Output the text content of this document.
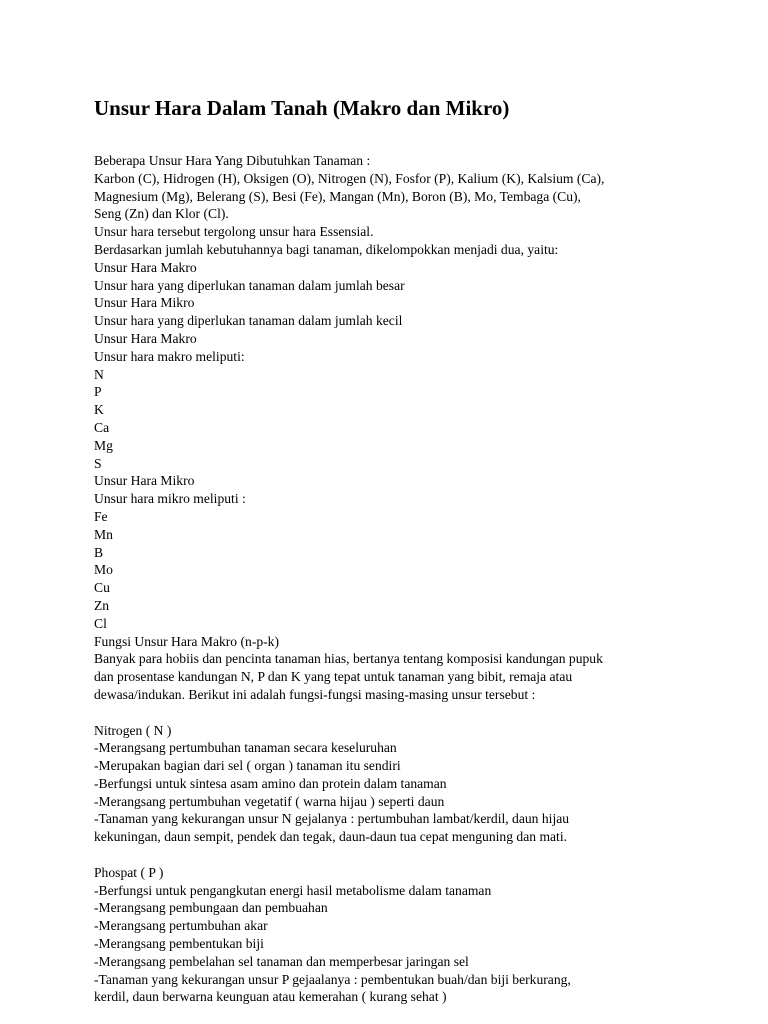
Unsur Hara Dalam Tanah (Makro dan Mikro)
Beberapa Unsur Hara Yang Dibutuhkan Tanaman :
Karbon (C), Hidrogen (H), Oksigen (O), Nitrogen (N), Fosfor (P), Kalium (K), Kalsium (Ca),
Magnesium (Mg), Belerang (S), Besi (Fe), Mangan (Mn), Boron (B), Mo, Tembaga (Cu),
Seng (Zn) dan Klor (Cl).
Unsur hara tersebut tergolong unsur hara Essensial.
Berdasarkan jumlah kebutuhannya bagi tanaman, dikelompokkan menjadi dua, yaitu:
Unsur Hara Makro
Unsur hara yang diperlukan tanaman dalam jumlah besar
Unsur Hara Mikro
Unsur hara yang diperlukan tanaman dalam jumlah kecil
Unsur Hara Makro
Unsur hara makro meliputi:
N
P
K
Ca
Mg
S
Unsur Hara Mikro
Unsur hara mikro meliputi :
Fe
Mn
B
Mo
Cu
Zn
Cl
Fungsi Unsur Hara Makro (n-p-k)
Banyak para hobiis dan pencinta tanaman hias, bertanya tentang komposisi kandungan pupuk
dan prosentase kandungan N, P dan K yang tepat untuk tanaman yang bibit, remaja atau
dewasa/indukan. Berikut ini adalah fungsi-fungsi masing-masing unsur tersebut :
Nitrogen ( N )
-Merangsang pertumbuhan tanaman secara keseluruhan
-Merupakan bagian dari sel ( organ ) tanaman itu sendiri
-Berfungsi untuk sintesa asam amino dan protein dalam tanaman
-Merangsang pertumbuhan vegetatif ( warna hijau ) seperti daun
-Tanaman yang kekurangan unsur N gejalanya : pertumbuhan lambat/kerdil, daun hijau
kekuningan, daun sempit, pendek dan tegak, daun-daun tua cepat menguning dan mati.
Phospat ( P )
-Berfungsi untuk pengangkutan energi hasil metabolisme dalam tanaman
-Merangsang pembungaan dan pembuahan
-Merangsang pertumbuhan akar
-Merangsang pembentukan biji
-Merangsang pembelahan sel tanaman dan memperbesar jaringan sel
-Tanaman yang kekurangan unsur P gejaalanya : pembentukan buah/dan biji berkurang,
kerdil, daun berwarna keunguan atau kemerahan ( kurang sehat )
